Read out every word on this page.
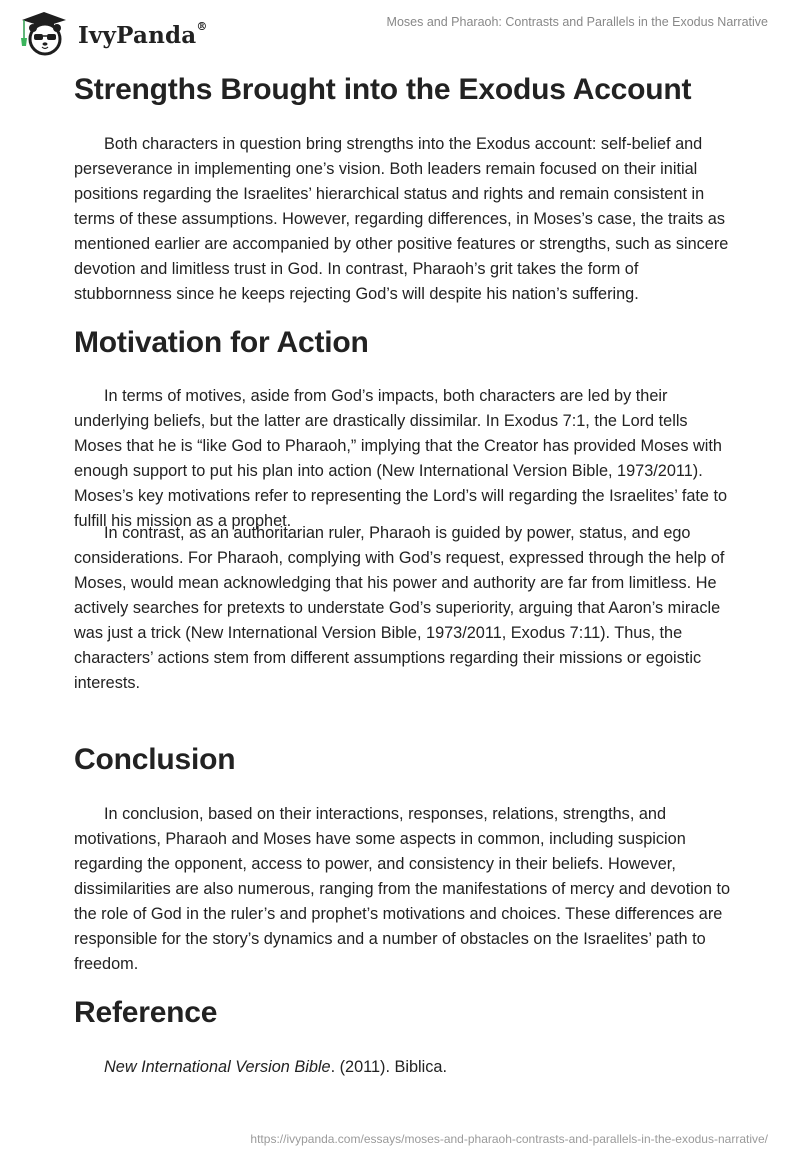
IvyPanda®	Moses and Pharaoh: Contrasts and Parallels in the Exodus Narrative
Strengths Brought into the Exodus Account

Both characters in question bring strengths into the Exodus account: self-belief and perseverance in implementing one’s vision. Both leaders remain focused on their initial positions regarding the Israelites’ hierarchical status and rights and remain consistent in terms of these assumptions. However, regarding differences, in Moses’s case, the traits as mentioned earlier are accompanied by other positive features or strengths, such as sincere devotion and limitless trust in God. In contrast, Pharaoh’s grit takes the form of stubbornness since he keeps rejecting God’s will despite his nation’s suffering.

Motivation for Action

In terms of motives, aside from God’s impacts, both characters are led by their underlying beliefs, but the latter are drastically dissimilar. In Exodus 7:1, the Lord tells Moses that he is “like God to Pharaoh,” implying that the Creator has provided Moses with enough support to put his plan into action (New International Version Bible, 1973/2011). Moses’s key motivations refer to representing the Lord’s will regarding the Israelites’ fate to fulfill his mission as a prophet.

In contrast, as an authoritarian ruler, Pharaoh is guided by power, status, and ego considerations. For Pharaoh, complying with God’s request, expressed through the help of Moses, would mean acknowledging that his power and authority are far from limitless. He actively searches for pretexts to understate God’s superiority, arguing that Aaron’s miracle was just a trick (New International Version Bible, 1973/2011, Exodus 7:11). Thus, the characters’ actions stem from different assumptions regarding their missions or egoistic interests.

Conclusion

In conclusion, based on their interactions, responses, relations, strengths, and motivations, Pharaoh and Moses have some aspects in common, including suspicion regarding the opponent, access to power, and consistency in their beliefs. However, dissimilarities are also numerous, ranging from the manifestations of mercy and devotion to the role of God in the ruler’s and prophet’s motivations and choices. These differences are responsible for the story’s dynamics and a number of obstacles on the Israelites’ path to freedom.

Reference

New International Version Bible. (2011). Biblica.

https://ivypanda.com/essays/moses-and-pharaoh-contrasts-and-parallels-in-the-exodus-narrative/
